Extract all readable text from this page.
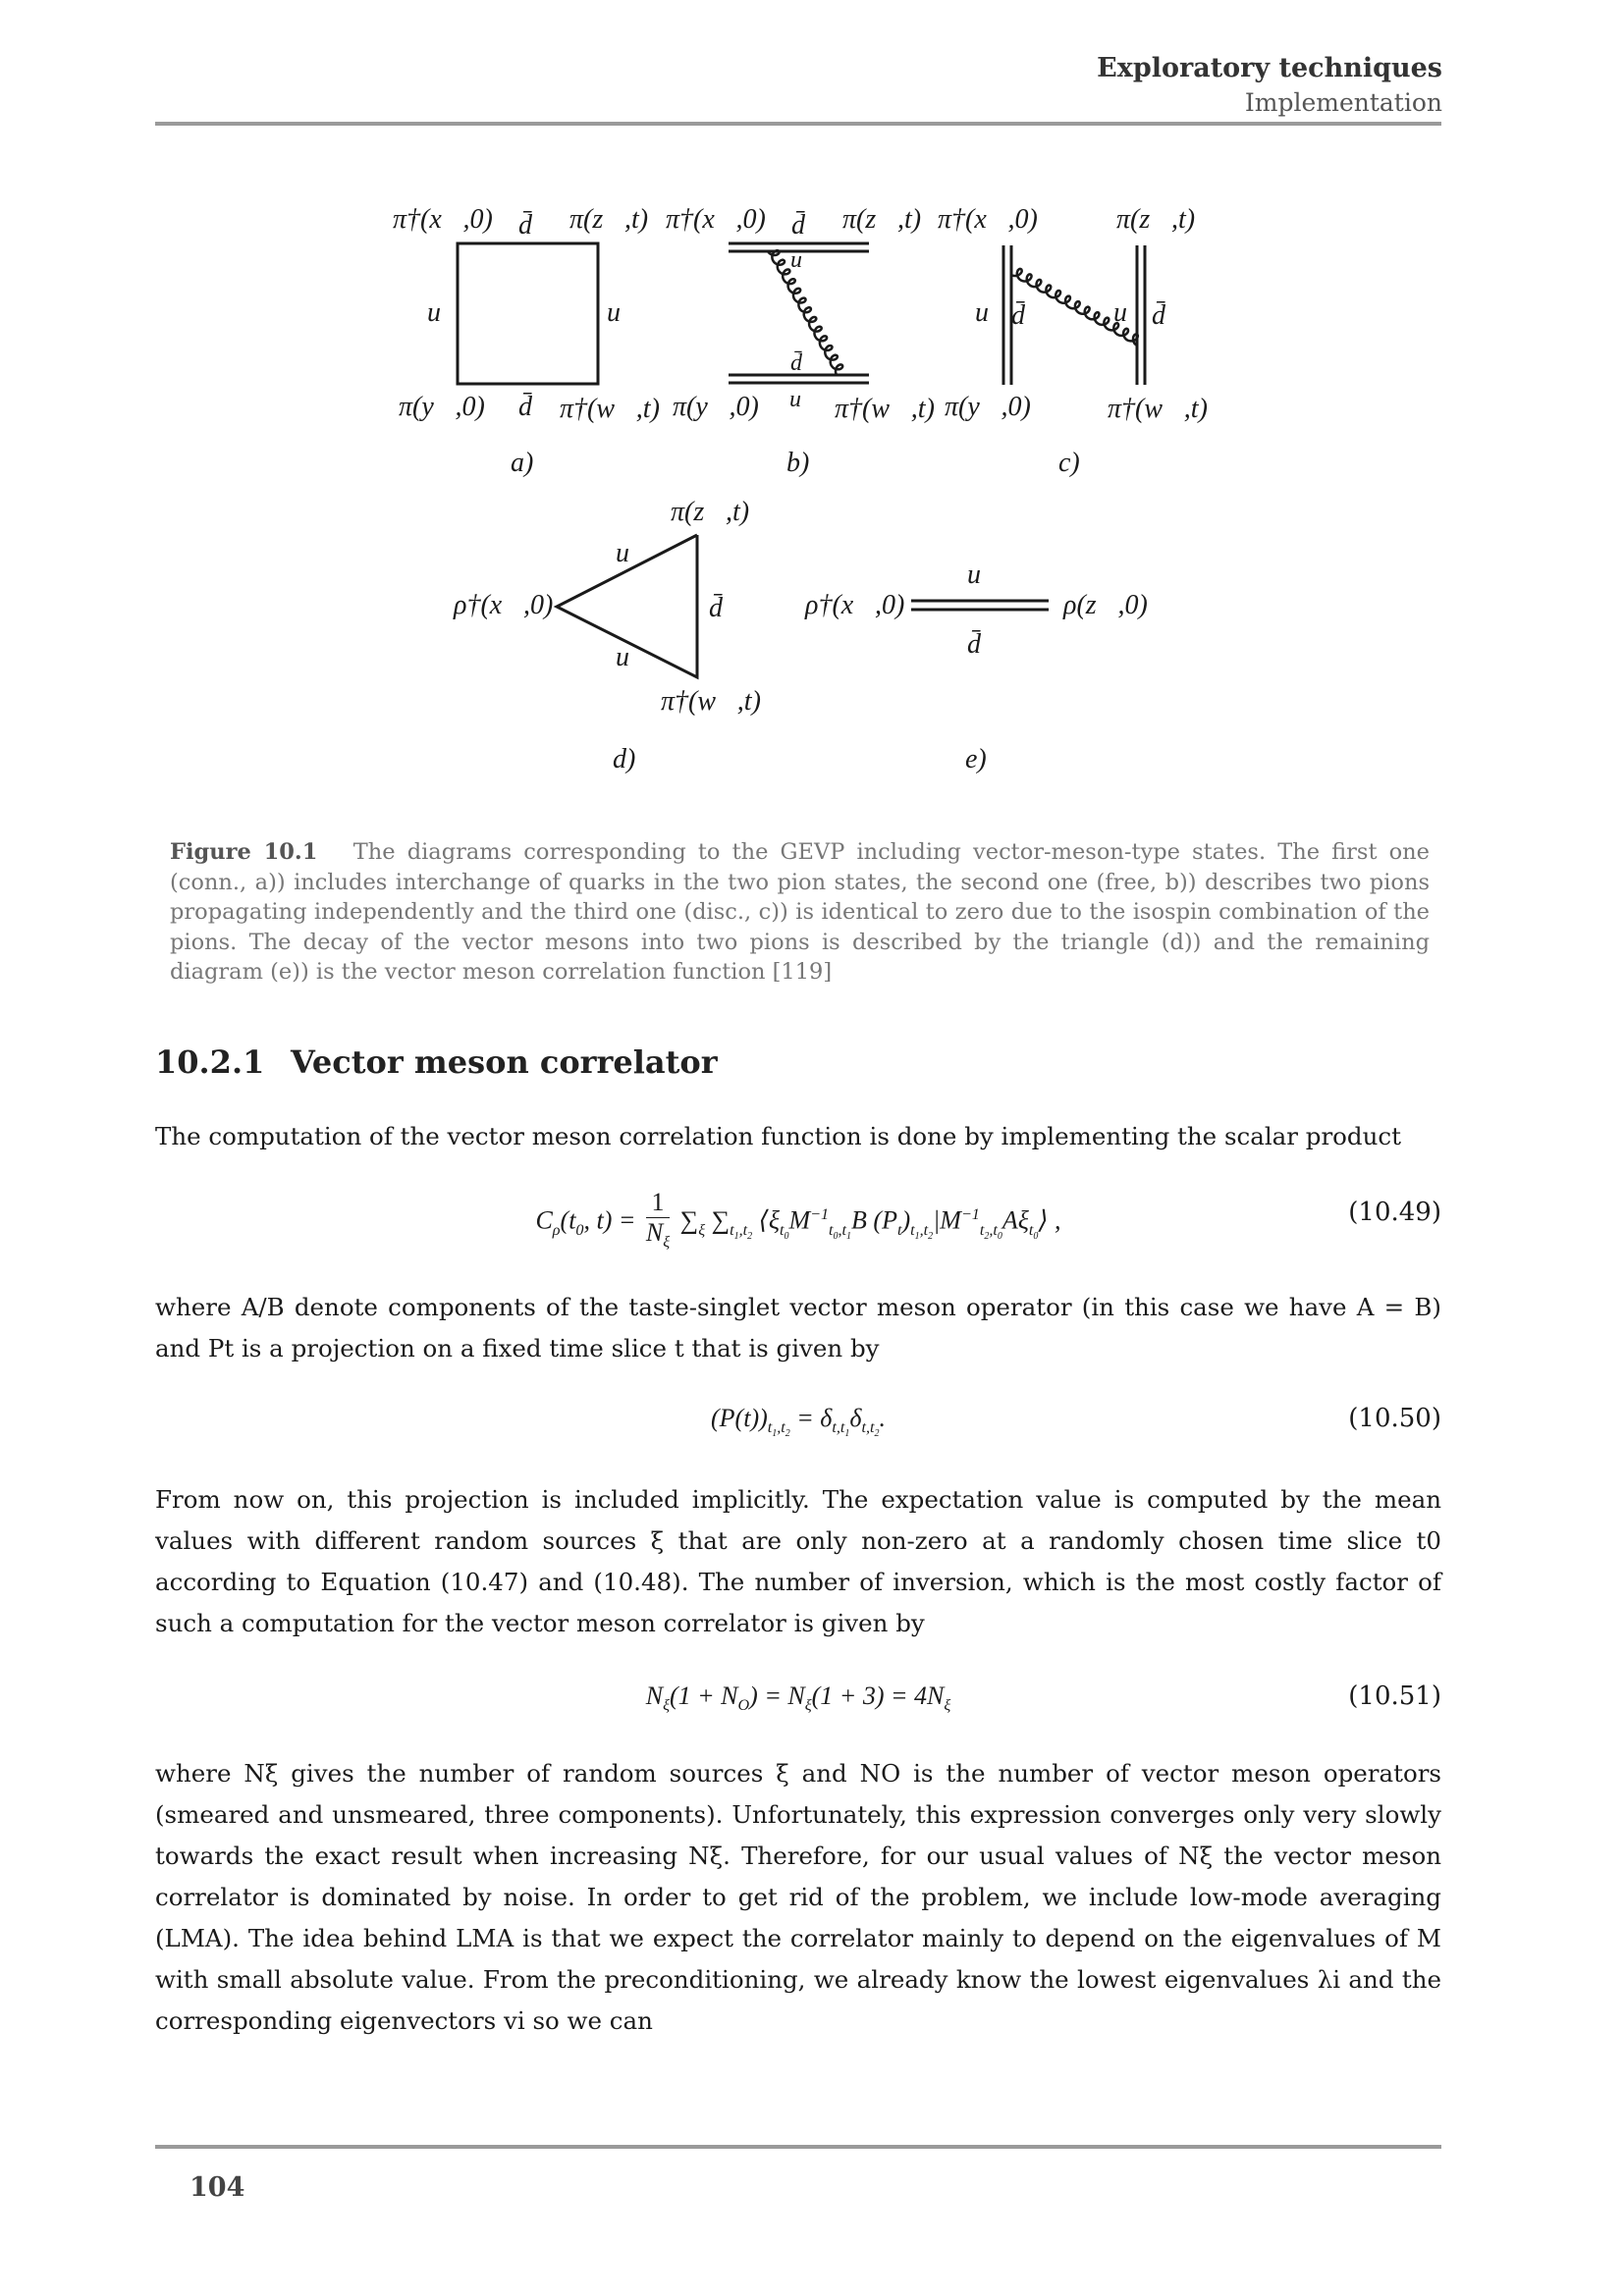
Exploratory techniques
Implementation
π†(x⃗,0) d̄ π(z⃗,t)
u	u
π(y⃗,0) d̄ π†(w⃗,t)
π†(x⃗,0) d̄ π(z⃗,t)
u
d̄
π(y⃗,0) u π†(w⃗,t)
π†(x⃗,0)	π(z⃗,t)
u d̄	u d̄
π(y⃗,0)	π†(w⃗,t)
π(z⃗,t)
ρ†(x⃗,0)
u
u
d̄
π†(w⃗,t)
ρ†(x⃗,0)
u
d̄
ρ(z⃗,0)
a)	b)	c)
d)	e)
Figure 10.1 The diagrams corresponding to the GEVP including vector-meson-type states. The first one (conn., a)) includes interchange of quarks in the two pion states, the second one (free, b)) describes two pions propagating independently and the third one (disc., c)) is identical to zero due to the isospin combination of the pions. The decay of the vector mesons into two pions is described by the triangle (d)) and the remaining diagram (e)) is the vector meson correlation function [119]
10.2.1 Vector meson correlator
The computation of the vector meson correlation function is done by implementing the scalar product
$C_\rho(t_0$, $t) = \frac{1}{N_\xi} \sum_\xi$ $\sum_{t_1,t_2}$ $⟨\xi_{t_0}M^{-1}_{t_0,t_1}B$ $(P_t)_{t_1,t_2}|M^{-1}_{t_2,t_0}A\xi_{t_0}⟩$ ,	(10.49)
where A/B denote components of the taste-singlet vector meson operator (in this case we have A = B) and Pt is a projection on a fixed time slice t that is given by
$(P(t))_{t_1,t_2} = \delta_{t,t_1}\delta_{t,t_2}$.	(10.50)
From now on, this projection is included implicitly. The expectation value is computed by the mean values with different random sources ξ that are only non-zero at a randomly chosen time slice t0 according to Equation (10.47) and (10.48). The number of inversion, which is the most costly factor of such a computation for the vector meson correlator is given by
$N_\xi(1 + N_O) = N_\xi(1 + 3) = 4N_\xi$	(10.51)
where Nξ gives the number of random sources ξ and NO is the number of vector meson operators (smeared and unsmeared, three components). Unfortunately, this expression converges only very slowly towards the exact result when increasing Nξ. Therefore, for our usual values of Nξ the vector meson correlator is dominated by noise. In order to get rid of the problem, we include low-mode averaging (LMA). The idea behind LMA is that we expect the correlator mainly to depend on the eigenvalues of M with small absolute value. From the preconditioning, we already know the lowest eigenvalues λi and the corresponding eigenvectors vi so we can
104
